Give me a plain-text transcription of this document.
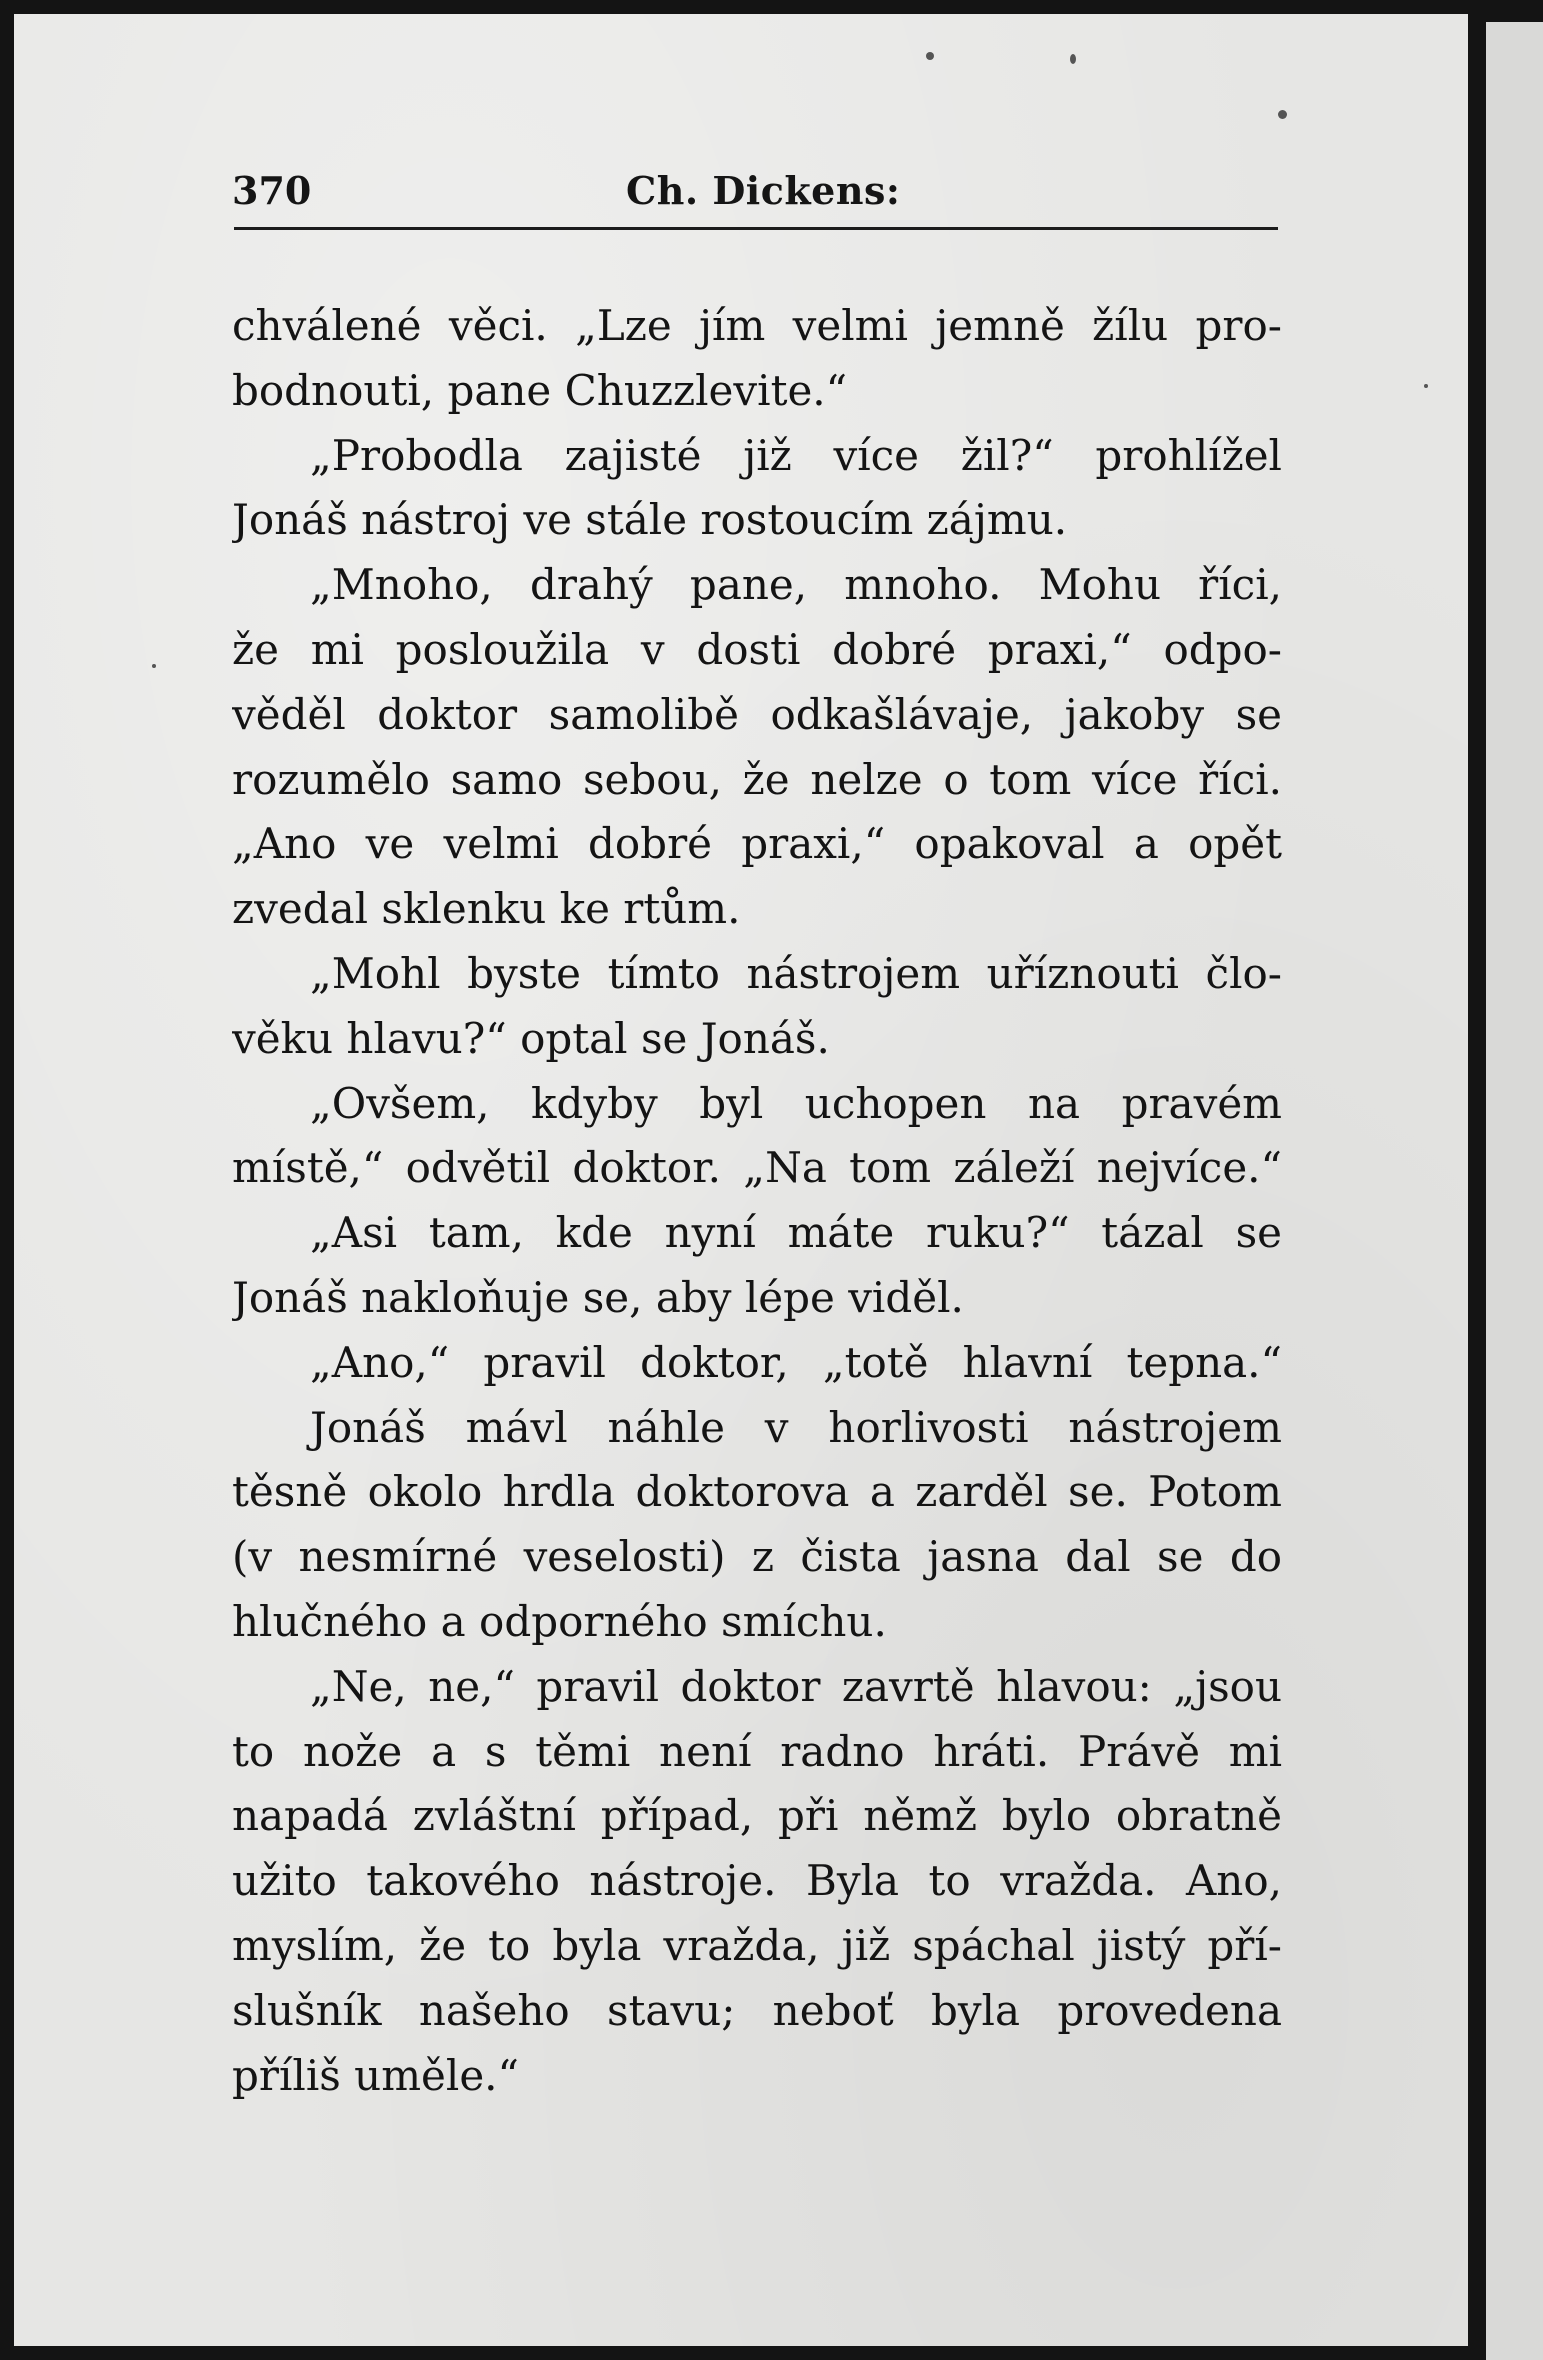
370	Ch. Dickens:
chválené věci. „Lze jím velmi jemně žílu pro-
bodnouti, pane Chuzzlevite.“
„Probodla zajisté již více žil?“ prohlížel
Jonáš nástroj ve stále rostoucím zájmu.
„Mnoho, drahý pane, mnoho. Mohu říci,
že mi posloužila v dosti dobré praxi,“ odpo-
věděl doktor samolibě odkašlávaje, jakoby se
rozumělo samo sebou, že nelze o tom více říci.
„Ano ve velmi dobré praxi,“ opakoval a opět
zvedal sklenku ke rtům.
„Mohl byste tímto nástrojem uříznouti člo-
věku hlavu?“ optal se Jonáš.
„Ovšem, kdyby byl uchopen na pravém
místě,“ odvětil doktor. „Na tom záleží nejvíce.“
„Asi tam, kde nyní máte ruku?“ tázal se
Jonáš nakloňuje se, aby lépe viděl.
„Ano,“ pravil doktor, „totě hlavní tepna.“
Jonáš mávl náhle v horlivosti nástrojem
těsně okolo hrdla doktorova a zarděl se. Potom
(v nesmírné veselosti) z čista jasna dal se do
hlučného a odporného smíchu.
„Ne, ne,“ pravil doktor zavrtě hlavou: „jsou
to nože a s těmi není radno hráti. Právě mi
napadá zvláštní případ, při němž bylo obratně
užito takového nástroje. Byla to vražda. Ano,
myslím, že to byla vražda, již spáchal jistý pří-
slušník našeho stavu; neboť byla provedena
příliš uměle.“
